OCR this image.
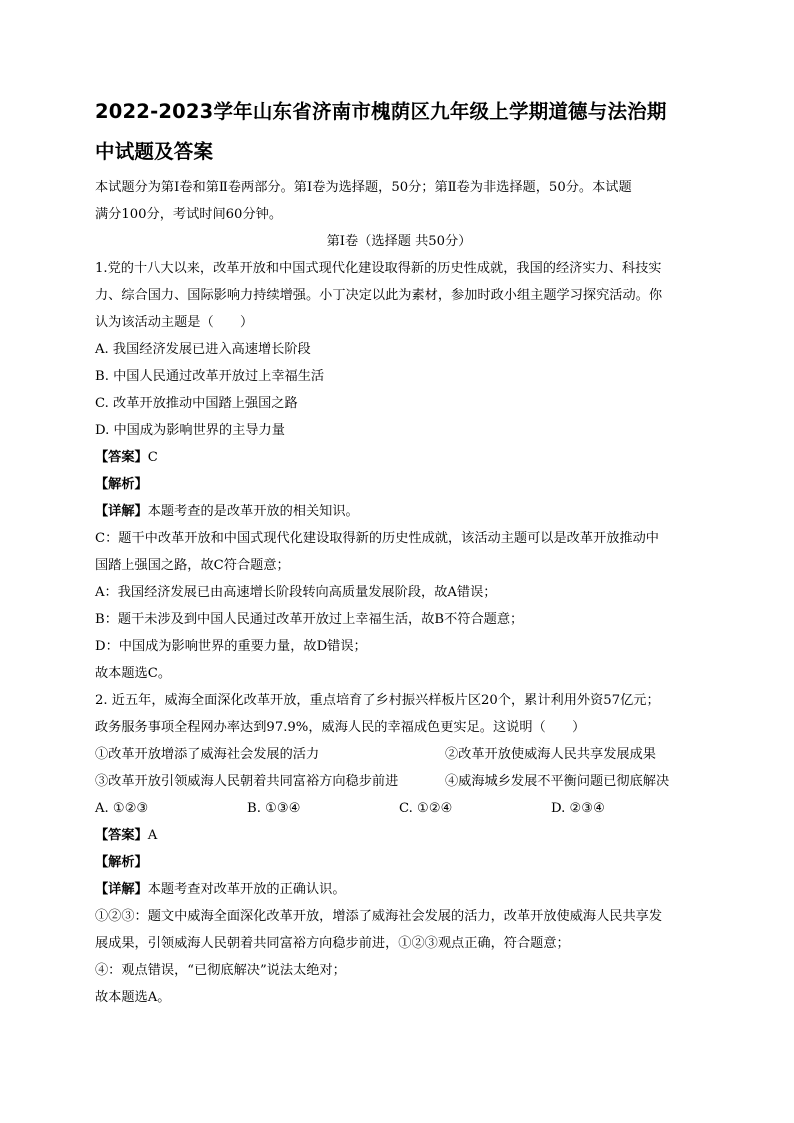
2022-2023学年山东省济南市槐荫区九年级上学期道德与法治期
中试题及答案

本试题分为第Ⅰ卷和第Ⅱ卷两部分。第Ⅰ卷为选择题，50分；第Ⅱ卷为非选择题，50分。本试题

满分100分，考试时间60分钟。

第Ⅰ卷（选择题 共50分）

1.党的十八大以来，改革开放和中国式现代化建设取得新的历史性成就，我国的经济实力、科技实

力、综合国力、国际影响力持续增强。小丁决定以此为素材，参加时政小组主题学习探究活动。你

认为该活动主题是（　　）

A. 我国经济发展已进入高速增长阶段

B. 中国人民通过改革开放过上幸福生活

C. 改革开放推动中国踏上强国之路

D. 中国成为影响世界的主导力量

【答案】C

【解析】

【详解】本题考查的是改革开放的相关知识。

C：题干中改革开放和中国式现代化建设取得新的历史性成就，该活动主题可以是改革开放推动中

国踏上强国之路，故C符合题意；

A：我国经济发展已由高速增长阶段转向高质量发展阶段，故A错误；

B：题干未涉及到中国人民通过改革开放过上幸福生活，故B不符合题意；

D：中国成为影响世界的重要力量，故D错误；

故本题选C。

2. 近五年，威海全面深化改革开放，重点培育了乡村振兴样板片区20个，累计利用外资57亿元；

政务服务事项全程网办率达到97.9%，威海人民的幸福成色更实足。这说明（　　）

①改革开放增添了威海社会发展的活力	②改革开放使威海人民共享发展成果
③改革开放引领威海人民朝着共同富裕方向稳步前进	④威海城乡发展不平衡问题已彻底解决
A. ①②③	B. ①③④	C. ①②④	D. ②③④

【答案】A

【解析】

【详解】本题考查对改革开放的正确认识。

①②③：题文中威海全面深化改革开放，增添了威海社会发展的活力，改革开放使威海人民共享发

展成果，引领威海人民朝着共同富裕方向稳步前进，①②③观点正确，符合题意；

④：观点错误，“已彻底解决”说法太绝对；

故本题选A。
